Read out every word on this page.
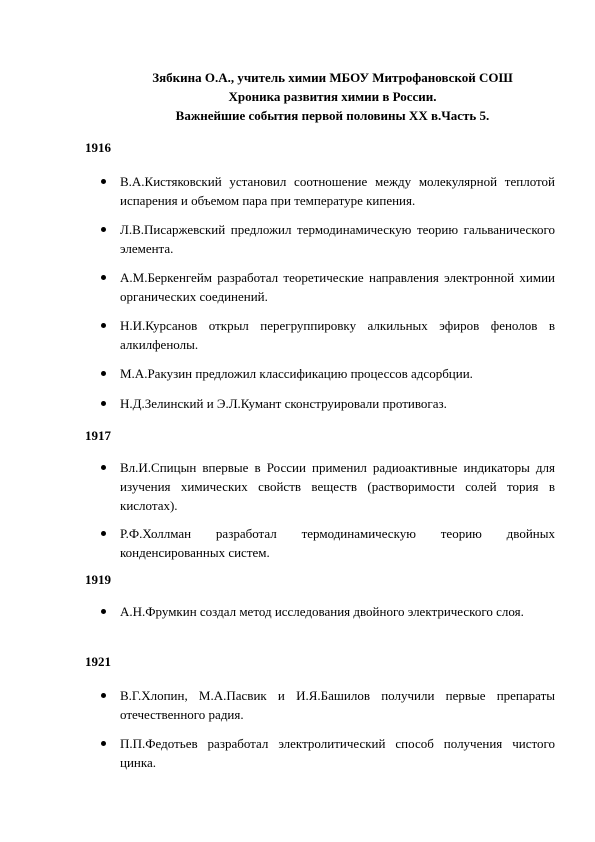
Зябкина О.А., учитель химии МБОУ Митрофановской СОШ
Хроника развития химии в России.
Важнейшие события первой половины XX в.Часть 5.
1916
В.А.Кистяковский установил соотношение между молекулярной теплотой испарения и объемом пара при температуре кипения.
Л.В.Писаржевский предложил термодинамическую теорию гальванического элемента.
А.М.Беркенгейм разработал теоретические направления электронной химии органических соединений.
Н.И.Курсанов открыл перегруппировку алкильных эфиров фенолов в алкилфенолы.
М.А.Ракузин предложил классификацию процессов адсорбции.
Н.Д.Зелинский и Э.Л.Кумант сконструировали противогаз.
1917
Вл.И.Спицын впервые в России применил радиоактивные индикаторы для изучения химических свойств веществ (растворимости солей тория в кислотах).
Р.Ф.Холлман разработал термодинамическую теорию двойных конденсированных систем.
1919
А.Н.Фрумкин создал метод исследования двойного электрического слоя.
1921
В.Г.Хлопин, М.А.Пасвик и И.Я.Башилов получили первые препараты отечественного радия.
П.П.Федотьев разработал электролитический способ получения чистого цинка.
